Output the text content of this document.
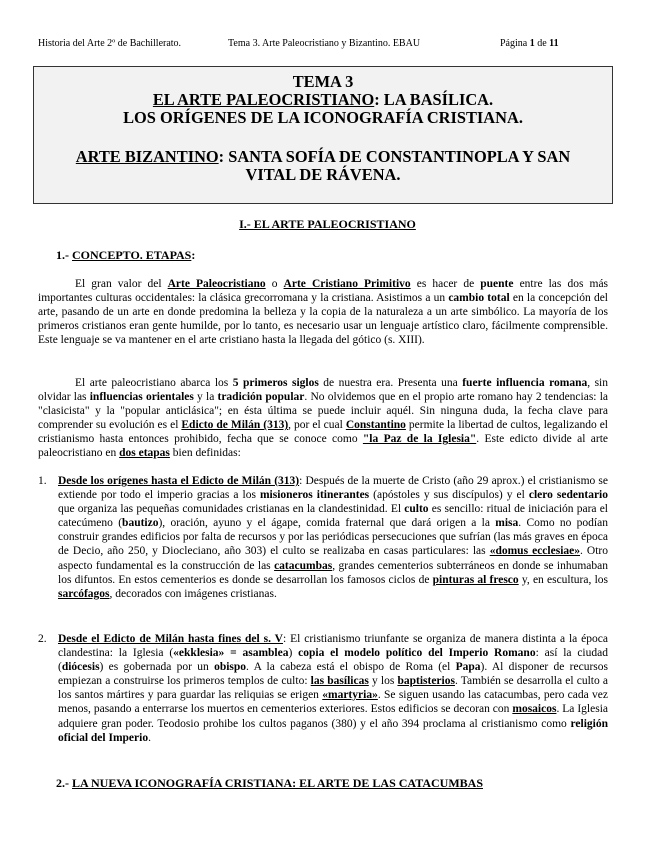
Historia del Arte 2º de Bachillerato.	Tema 3. Arte Paleocristiano y Bizantino. EBAU	Página 1 de 11
TEMA 3
EL ARTE PALEOCRISTIANO: LA BASÍLICA.
LOS ORÍGENES DE LA ICONOGRAFÍA CRISTIANA.
ARTE BIZANTINO: SANTA SOFÍA DE CONSTANTINOPLA Y SAN
VITAL DE RÁVENA.
I.- EL ARTE PALEOCRISTIANO
1.- CONCEPTO. ETAPAS:

El gran valor del Arte Paleocristiano o Arte Cristiano Primitivo es hacer de puente entre las dos más importantes culturas occidentales: la clásica grecorromana y la cristiana. Asistimos a un cambio total en la concepción del arte, pasando de un arte en donde predomina la belleza y la copia de la naturaleza a un arte simbólico. La mayoría de los primeros cristianos eran gente humilde, por lo tanto, es necesario usar un lenguaje artístico claro, fácilmente comprensible. Este lenguaje se va mantener en el arte cristiano hasta la llegada del gótico (s. XIII).

El arte paleocristiano abarca los 5 primeros siglos de nuestra era. Presenta una fuerte influencia romana, sin olvidar las influencias orientales y la tradición popular. No olvidemos que en el propio arte romano hay 2 tendencias: la "clasicista" y la "popular anticlásica"; en ésta última se puede incluir aquél. Sin ninguna duda, la fecha clave para comprender su evolución es el Edicto de Milán (313), por el cual Constantino permite la libertad de cultos, legalizando el cristianismo hasta entonces prohibido, fecha que se conoce como "la Paz de la Iglesia". Este edicto divide al arte paleocristiano en dos etapas bien definidas:

1. Desde los orígenes hasta el Edicto de Milán (313): Después de la muerte de Cristo (año 29 aprox.) el cristianismo se extiende por todo el imperio gracias a los misioneros itinerantes (apóstoles y sus discípulos) y el clero sedentario que organiza las pequeñas comunidades cristianas en la clandestinidad. El culto es sencillo: ritual de iniciación para el catecúmeno (bautizo), oración, ayuno y el ágape, comida fraternal que dará origen a la misa. Como no podían construir grandes edificios por falta de recursos y por las periódicas persecuciones que sufrían (las más graves en época de Decio, año 250, y Diocleciano, año 303) el culto se realizaba en casas particulares: las «domus ecclesiae». Otro aspecto fundamental es la construcción de las catacumbas, grandes cementerios subterráneos en donde se inhumaban los difuntos. En estos cementerios es donde se desarrollan los famosos ciclos de pinturas al fresco y, en escultura, los sarcófagos, decorados con imágenes cristianas.

2. Desde el Edicto de Milán hasta fines del s. V: El cristianismo triunfante se organiza de manera distinta a la época clandestina: la Iglesia («ekklesia» = asamblea) copia el modelo político del Imperio Romano: así la ciudad (diócesis) es gobernada por un obispo. A la cabeza está el obispo de Roma (el Papa). Al disponer de recursos empiezan a construirse los primeros templos de culto: las basílicas y los baptisterios. También se desarrolla el culto a los santos mártires y para guardar las reliquias se erigen «martyria». Se siguen usando las catacumbas, pero cada vez menos, pasando a enterrarse los muertos en cementerios exteriores. Estos edificios se decoran con mosaicos. La Iglesia adquiere gran poder. Teodosio prohibe los cultos paganos (380) y el año 394 proclama al cristianismo como religión oficial del Imperio.

2.- LA NUEVA ICONOGRAFÍA CRISTIANA: EL ARTE DE LAS CATACUMBAS
